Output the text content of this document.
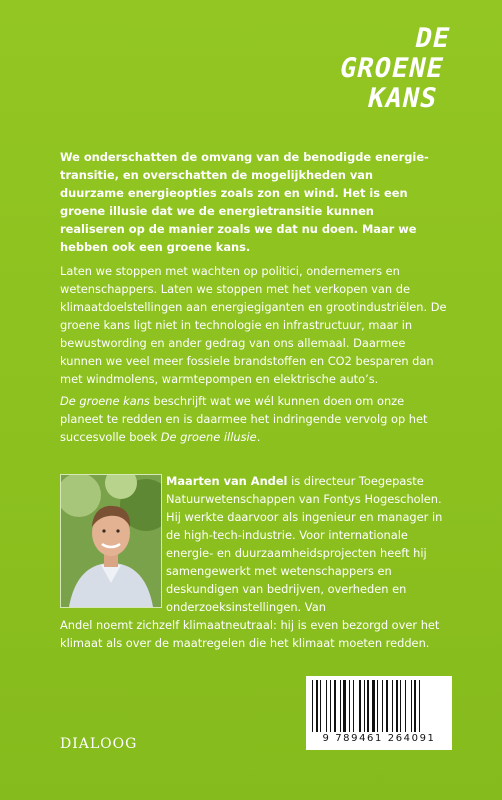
DE
GROENE
KANS

We onderschatten de omvang van de benodigde energietransitie, en overschatten de mogelijkheden van duurzame energieopties zoals zon en wind. Het is een groene illusie dat we de energietransitie kunnen realiseren op de manier zoals we dat nu doen. Maar we hebben ook een groene kans.

Laten we stoppen met wachten op politici, ondernemers en wetenschappers. Laten we stoppen met het verkopen van de klimaatdoelstellingen aan energiegiganten en grootindustriëlen. De groene kans ligt niet in technologie en infrastructuur, maar in bewustwording en ander gedrag van ons allemaal. Daarmee kunnen we veel meer fossiele brandstoffen en CO2 besparen dan met windmolens, warmtepompen en elektrische auto’s.

De groene kans beschrijft wat we wél kunnen doen om onze planeet te redden en is daarmee het indringende vervolg op het succesvolle boek De groene illusie.

Maarten van Andel is directeur Toegepaste Natuurwetenschappen van Fontys Hogescholen. Hij werkte daarvoor als ingenieur en manager in de high-tech-industrie. Voor internationale energie- en duurzaamheidsprojecten heeft hij samengewerkt met wetenschappers en deskundigen van bedrijven, overheden en onderzoeksinstellingen. Van

Andel noemt zichzelf klimaatneutraal: hij is even bezorgd over het klimaat als over de maatregelen die het klimaat moeten redden.

DIALOOG	9 789461 264091
